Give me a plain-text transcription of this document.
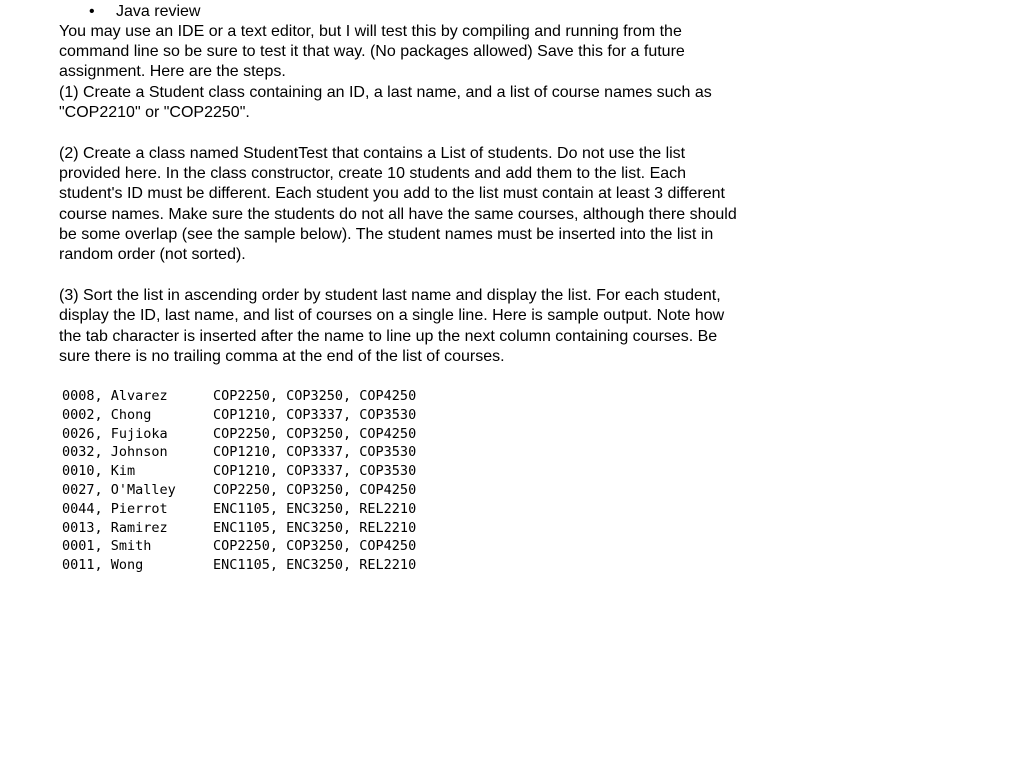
• Java review

You may use an IDE or a text editor, but I will test this by compiling and running from the
command line so be sure to test it that way. (No packages allowed) Save this for a future
assignment. Here are the steps.

(1) Create a Student class containing an ID, a last name, and a list of course names such as
"COP2210" or "COP2250".

(2) Create a class named StudentTest that contains a List of students. Do not use the list
provided here. In the class constructor, create 10 students and add them to the list. Each
student's ID must be different. Each student you add to the list must contain at least 3 different
course names. Make sure the students do not all have the same courses, although there should
be some overlap (see the sample below). The student names must be inserted into the list in
random order (not sorted).

(3) Sort the list in ascending order by student last name and display the list. For each student,
display the ID, last name, and list of courses on a single line. Here is sample output. Note how
the tab character is inserted after the name to line up the next column containing courses. Be
sure there is no trailing comma at the end of the list of courses.

0008, Alvarez	COP2250, COP3250, COP4250
0002, Chong	COP1210, COP3337, COP3530
0026, Fujioka	COP2250, COP3250, COP4250
0032, Johnson	COP1210, COP3337, COP3530
0010, Kim	COP1210, COP3337, COP3530
0027, O'Malley	COP2250, COP3250, COP4250
0044, Pierrot	ENC1105, ENC3250, REL2210
0013, Ramirez	ENC1105, ENC3250, REL2210
0001, Smith	COP2250, COP3250, COP4250
0011, Wong	ENC1105, ENC3250, REL2210
